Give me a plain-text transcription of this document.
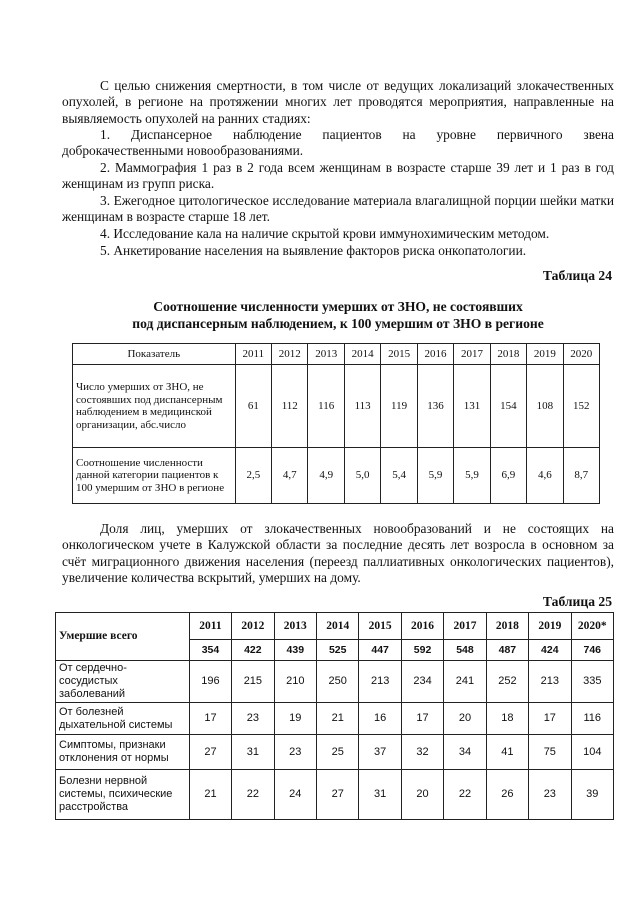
С целью снижения смертности, в том числе от ведущих локализаций злокачественных опухолей, в регионе на протяжении многих лет проводятся мероприятия, направленные на выявляемость опухолей на ранних стадиях:

1. Диспансерное наблюдение пациентов на уровне первичного звена доброкачественными новообразованиями.

2. Маммография 1 раз в 2 года всем женщинам в возрасте старше 39 лет и 1 раз в год женщинам из групп риска.

3. Ежегодное цитологическое исследование материала влагалищной порции шейки матки женщинам в возрасте старше 18 лет.

4. Исследование кала на наличие скрытой крови иммунохимическим методом.

5. Анкетирование населения на выявление факторов риска онкопатологии.

Таблица 24
Соотношение численности умерших от ЗНО, не состоявших
под диспансерным наблюдением, к 100 умершим от ЗНО в регионе
Показатель	2011	2012	2013	2014	2015	2016	2017	2018	2019	2020
Число умерших от ЗНО, не состоявших под диспансерным наблюдением в медицинской организации, абс.число	61	112	116	113	119	136	131	154	108	152
Соотношение численности данной категории пациентов к 100 умершим от ЗНО в регионе	2,5	4,7	4,9	5,0	5,4	5,9	5,9	6,9	4,6	8,7

Доля лиц, умерших от злокачественных новообразований и не состоящих на онкологическом учете в Калужской области за последние десять лет возросла в основном за счёт миграционного движения населения (переезд паллиативных онкологических пациентов), увеличение количества вскрытий, умерших на дому.

Таблица 25
Умершие всего	2011	2012	2013	2014	2015	2016	2017	2018	2019	2020*
	354	422	439	525	447	592	548	487	424	746
От сердечно-сосудистых заболеваний	196	215	210	250	213	234	241	252	213	335
От болезней дыхательной системы	17	23	19	21	16	17	20	18	17	116
Симптомы, признаки отклонения от нормы	27	31	23	25	37	32	34	41	75	104
Болезни нервной системы, психические расстройства	21	22	24	27	31	20	22	26	23	39
